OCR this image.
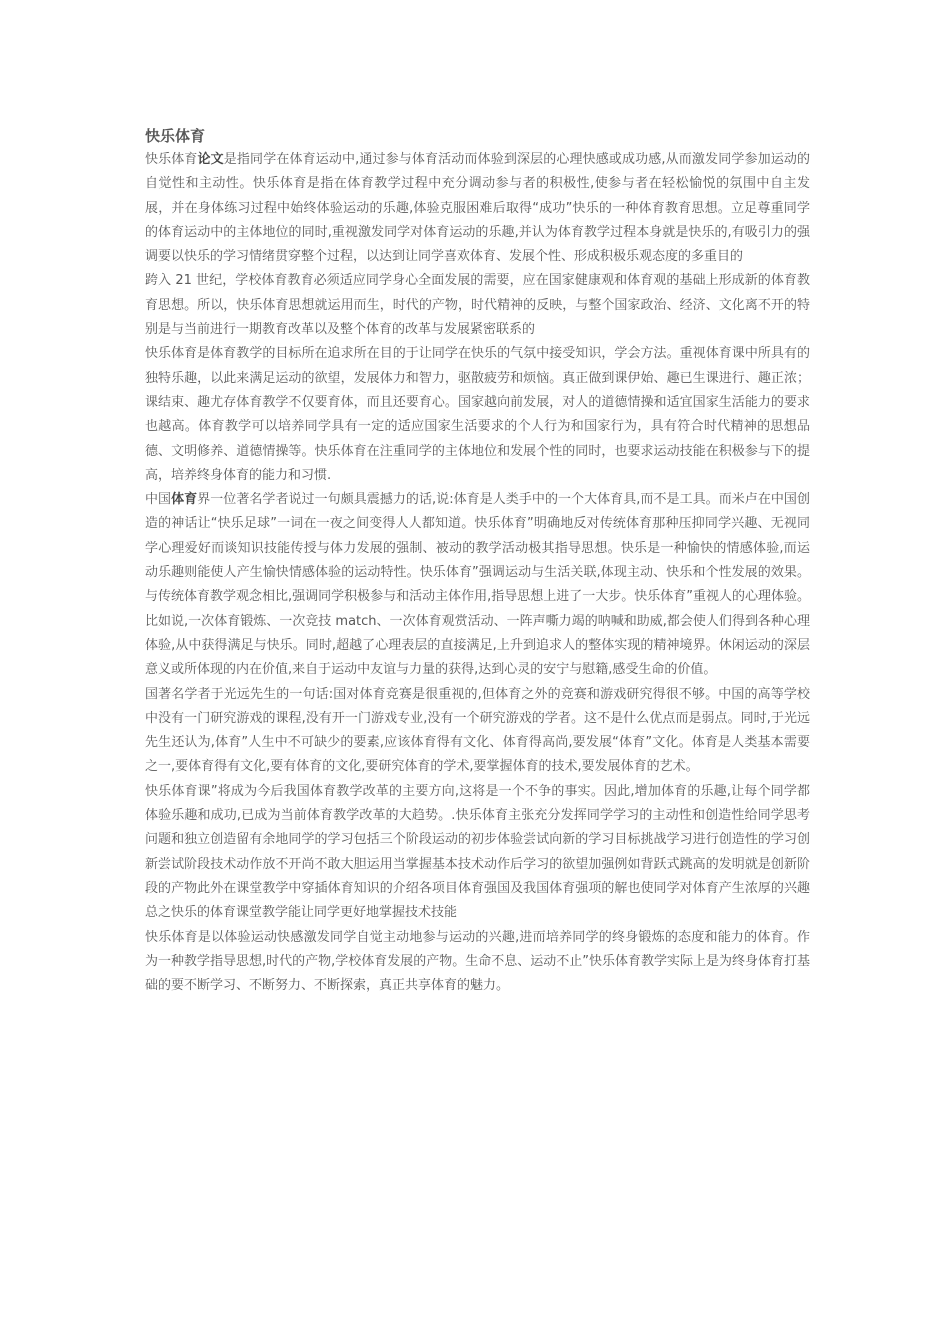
快乐体育

快乐体育论文是指同学在体育运动中,通过参与体育活动而体验到深层的心理快感或成功感,从而激发同学参加运动的自觉性和主动性。快乐体育是指在体育教学过程中充分调动参与者的积极性,使参与者在轻松愉悦的氛围中自主发展，并在身体练习过程中始终体验运动的乐趣,体验克服困难后取得“成功”快乐的一种体育教育思想。立足尊重同学的体育运动中的主体地位的同时,重视激发同学对体育运动的乐趣,并认为体育教学过程本身就是快乐的,有吸引力的强调要以快乐的学习情绪贯穿整个过程，以达到让同学喜欢体育、发展个性、形成积极乐观态度的多重目的

跨入 21 世纪，学校体育教育必须适应同学身心全面发展的需要，应在国家健康观和体育观的基础上形成新的体育教育思想。所以，快乐体育思想就运用而生，时代的产物，时代精神的反映，与整个国家政治、经济、文化离不开的特别是与当前进行一期教育改革以及整个体育的改革与发展紧密联系的

快乐体育是体育教学的目标所在追求所在目的于让同学在快乐的气氛中接受知识，学会方法。重视体育课中所具有的独特乐趣，以此来满足运动的欲望，发展体力和智力，驱散疲劳和烦恼。真正做到课伊始、趣已生课进行、趣正浓；课结束、趣尤存体育教学不仅要育体，而且还要育心。国家越向前发展，对人的道德情操和适宜国家生活能力的要求也越高。体育教学可以培养同学具有一定的适应国家生活要求的个人行为和国家行为，具有符合时代精神的思想品德、文明修养、道德情操等。快乐体育在注重同学的主体地位和发展个性的同时，也要求运动技能在积极参与下的提高，培养终身体育的能力和习惯.

中国体育界一位著名学者说过一句颇具震撼力的话,说:体育是人类手中的一个大体育具,而不是工具。而米卢在中国创造的神话让“快乐足球”一词在一夜之间变得人人都知道。快乐体育”明确地反对传统体育那种压抑同学兴趣、无视同学心理爱好而谈知识技能传授与体力发展的强制、被动的教学活动极其指导思想。快乐是一种愉快的情感体验,而运动乐趣则能使人产生愉快情感体验的运动特性。快乐体育”强调运动与生活关联,体现主动、快乐和个性发展的效果。与传统体育教学观念相比,强调同学积极参与和活动主体作用,指导思想上进了一大步。快乐体育”重视人的心理体验。比如说,一次体育锻炼、一次竞技 match、一次体育观赏活动、一阵声嘶力竭的呐喊和助威,都会使人们得到各种心理体验,从中获得满足与快乐。同时,超越了心理表层的直接满足,上升到追求人的整体实现的精神境界。休闲运动的深层意义或所体现的内在价值,来自于运动中友谊与力量的获得,达到心灵的安宁与慰籍,感受生命的价值。

国著名学者于光远先生的一句话:国对体育竞赛是很重视的,但体育之外的竞赛和游戏研究得很不够。中国的高等学校中没有一门研究游戏的课程,没有开一门游戏专业,没有一个研究游戏的学者。这不是什么优点而是弱点。同时,于光远先生还认为,体育”人生中不可缺少的要素,应该体育得有文化、体育得高尚,要发展“体育”文化。体育是人类基本需要之一,要体育得有文化,要有体育的文化,要研究体育的学术,要掌握体育的技术,要发展体育的艺术。

快乐体育课”将成为今后我国体育教学改革的主要方向,这将是一个不争的事实。因此,增加体育的乐趣,让每个同学都体验乐趣和成功,已成为当前体育教学改革的大趋势。.快乐体育主张充分发挥同学学习的主动性和创造性给同学思考问题和独立创造留有余地同学的学习包括三个阶段运动的初步体验尝试向新的学习目标挑战学习进行创造性的学习创新尝试阶段技术动作放不开尚不敢大胆运用当掌握基本技术动作后学习的欲望加强例如背跃式跳高的发明就是创新阶段的产物此外在课堂教学中穿插体育知识的介绍各项目体育强国及我国体育强项的解也使同学对体育产生浓厚的兴趣总之快乐的体育课堂教学能让同学更好地掌握技术技能

快乐体育是以体验运动快感激发同学自觉主动地参与运动的兴趣,进而培养同学的终身锻炼的态度和能力的体育。作为一种教学指导思想,时代的产物,学校体育发展的产物。生命不息、运动不止”快乐体育教学实际上是为终身体育打基础的要不断学习、不断努力、不断探索，真正共享体育的魅力。
